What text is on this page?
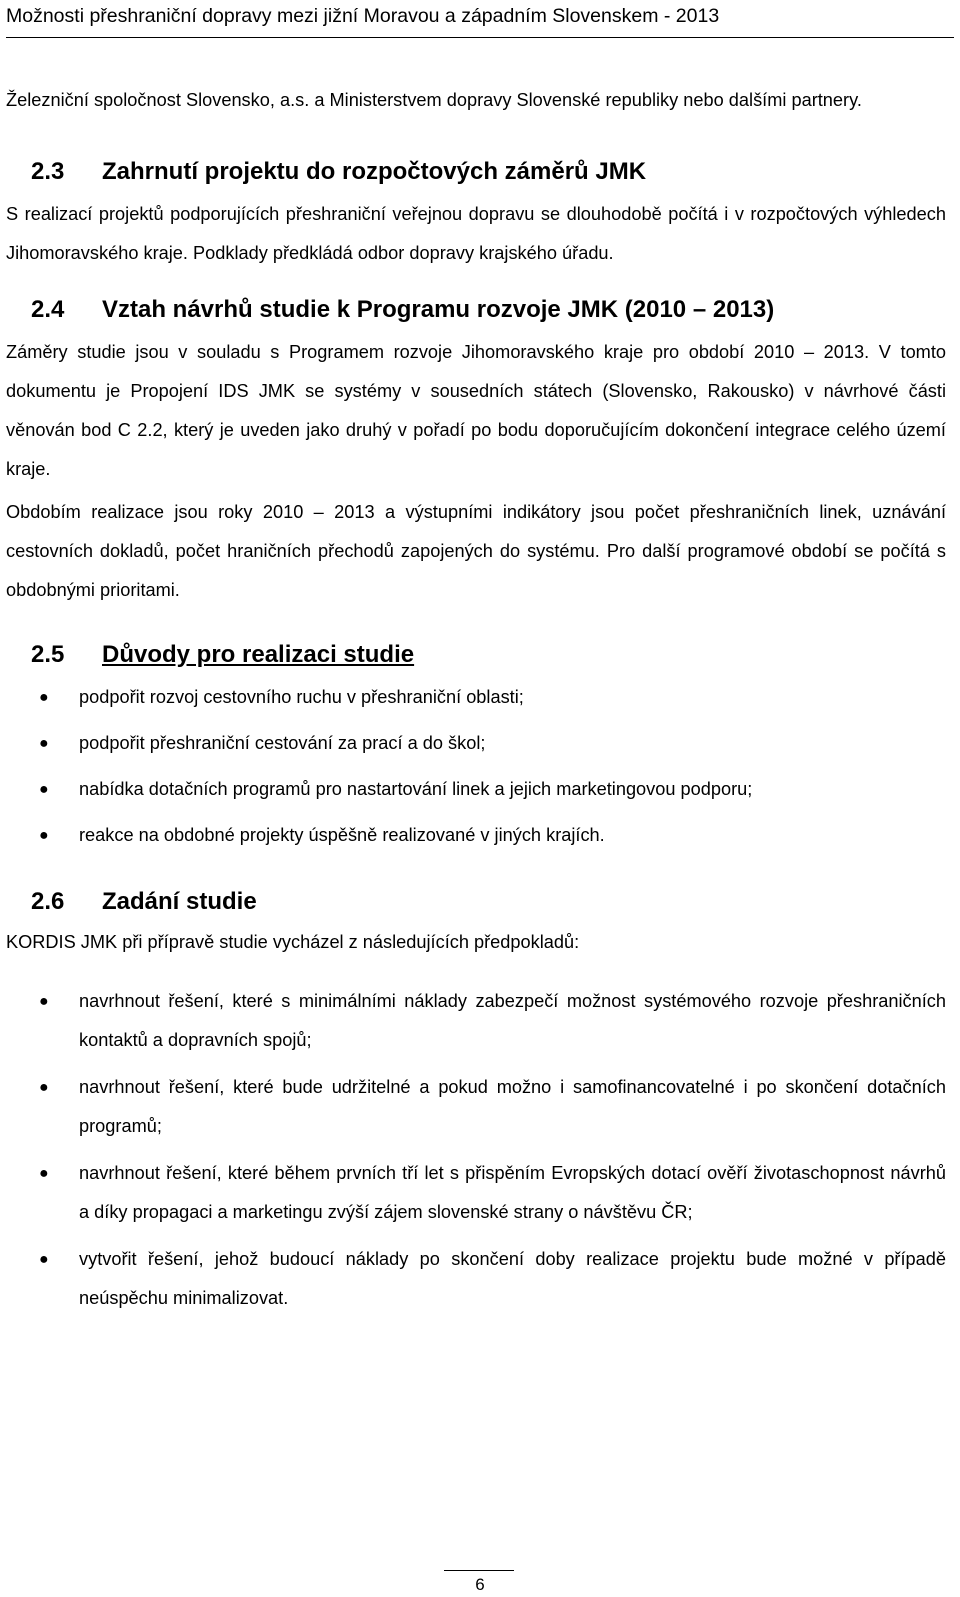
Možnosti přeshraniční dopravy mezi jižní Moravou a západním Slovenskem - 2013

Železniční spoločnost Slovensko, a.s. a Ministerstvem dopravy Slovenské republiky nebo dalšími partnery.

2.3 Zahrnutí projektu do rozpočtových záměrů JMK

S realizací projektů podporujících přeshraniční veřejnou dopravu se dlouhodobě počítá i v rozpočtových výhledech Jihomoravského kraje. Podklady předkládá odbor dopravy krajského úřadu.

2.4 Vztah návrhů studie k Programu rozvoje JMK (2010 – 2013)

Záměry studie jsou v souladu s Programem rozvoje Jihomoravského kraje pro období 2010 – 2013. V tomto dokumentu je Propojení IDS JMK se systémy v sousedních státech (Slovensko, Rakousko) v návrhové části věnován bod C 2.2, který je uveden jako druhý v pořadí po bodu doporučujícím dokončení integrace celého území kraje.

Obdobím realizace jsou roky 2010 – 2013 a výstupními indikátory jsou počet přeshraničních linek, uznávání cestovních dokladů, počet hraničních přechodů zapojených do systému. Pro další programové období se počítá s obdobnými prioritami.

2.5 Důvody pro realizaci studie
● podpořit rozvoj cestovního ruchu v přeshraniční oblasti;
● podpořit přeshraniční cestování za prací a do škol;
● nabídka dotačních programů pro nastartování linek a jejich marketingovou podporu;
● reakce na obdobné projekty úspěšně realizované v jiných krajích.
2.6 Zadání studie

KORDIS JMK při přípravě studie vycházel z následujících předpokladů:

● navrhnout řešení, které s minimálními náklady zabezpečí možnost systémového rozvoje přeshraničních kontaktů a dopravních spojů;
● navrhnout řešení, které bude udržitelné a pokud možno i samofinancovatelné i po skončení dotačních programů;
● navrhnout řešení, které během prvních tří let s přispěním Evropských dotací ověří životaschopnost návrhů a díky propagaci a marketingu zvýší zájem slovenské strany o návštěvu ČR;
● vytvořit řešení, jehož budoucí náklady po skončení doby realizace projektu bude možné v případě neúspěchu minimalizovat.
6
